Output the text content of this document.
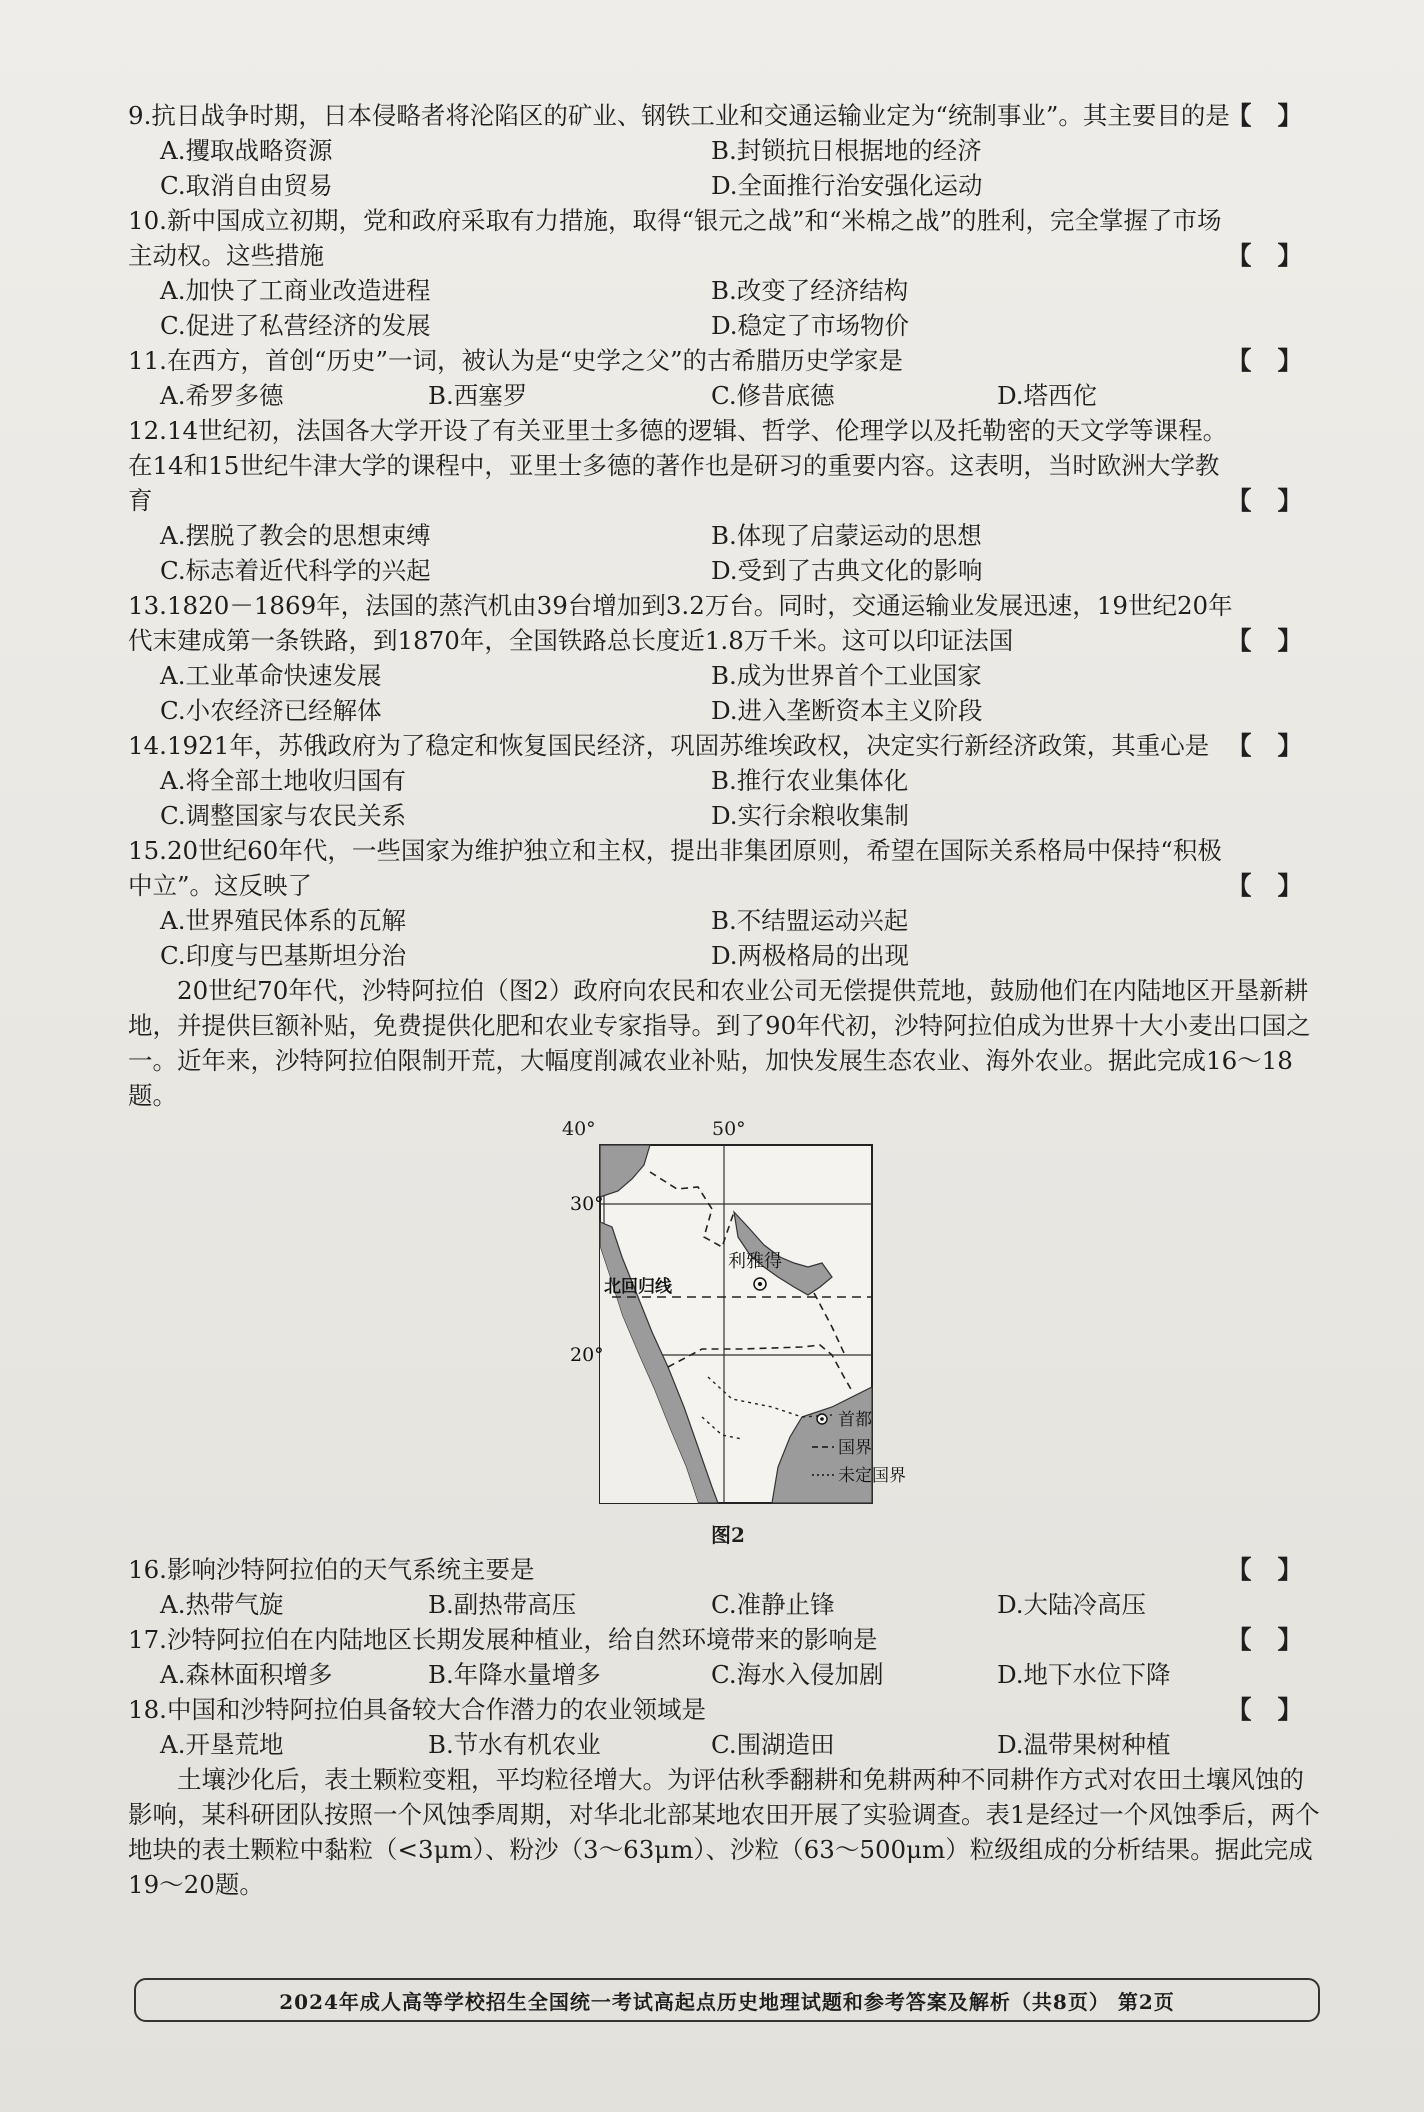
9.抗日战争时期，日本侵略者将沦陷区的矿业、钢铁工业和交通运输业定为“统制事业”。其主要目的是
【】
A.攫取战略资源	B.封锁抗日根据地的经济
C.取消自由贸易	D.全面推行治安强化运动
10.新中国成立初期，党和政府采取有力措施，取得“银元之战”和“米棉之战”的胜利，完全掌握了市场主动权。这些措施	【】
A.加快了工商业改造进程	B.改变了经济结构
C.促进了私营经济的发展	D.稳定了市场物价
11.在西方，首创“历史”一词，被认为是“史学之父”的古希腊历史学家是	【】
A.希罗多德	B.西塞罗	C.修昔底德	D.塔西佗
12.14世纪初，法国各大学开设了有关亚里士多德的逻辑、哲学、伦理学以及托勒密的天文学等课程。在14和15世纪牛津大学的课程中，亚里士多德的著作也是研习的重要内容。这表明，当时欧洲大学教育	【】
A.摆脱了教会的思想束缚	B.体现了启蒙运动的思想
C.标志着近代科学的兴起	D.受到了古典文化的影响
13.1820－1869年，法国的蒸汽机由39台增加到3.2万台。同时，交通运输业发展迅速，19世纪20年代末建成第一条铁路，到1870年，全国铁路总长度近1.8万千米。这可以印证法国	【】
A.工业革命快速发展	B.成为世界首个工业国家
C.小农经济已经解体	D.进入垄断资本主义阶段
14.1921年，苏俄政府为了稳定和恢复国民经济，巩固苏维埃政权，决定实行新经济政策，其重心是 【】
A.将全部土地收归国有	B.推行农业集体化
C.调整国家与农民关系	D.实行余粮收集制
15.20世纪60年代，一些国家为维护独立和主权，提出非集团原则，希望在国际关系格局中保持“积极中立”。这反映了	【】
A.世界殖民体系的瓦解	B.不结盟运动兴起
C.印度与巴基斯坦分治	D.两极格局的出现
20世纪70年代，沙特阿拉伯（图2）政府向农民和农业公司无偿提供荒地，鼓励他们在内陆地区开垦新耕地，并提供巨额补贴，免费提供化肥和农业专家指导。到了90年代初，沙特阿拉伯成为世界十大小麦出口国之一。近年来，沙特阿拉伯限制开荒，大幅度削减农业补贴，加快发展生态农业、海外农业。据此完成16～18题。
40°	50°
北回归线
30°
20°
利雅得
首都
国界
未定国界
图2
16.影响沙特阿拉伯的天气系统主要是	【】
A.热带气旋	B.副热带高压	C.准静止锋	D.大陆冷高压
17.沙特阿拉伯在内陆地区长期发展种植业，给自然环境带来的影响是	【】
A.森林面积增多	B.年降水量增多	C.海水入侵加剧	D.地下水位下降
18.中国和沙特阿拉伯具备较大合作潜力的农业领域是	【】
A.开垦荒地	B.节水有机农业	C.围湖造田	D.温带果树种植
土壤沙化后，表土颗粒变粗，平均粒径增大。为评估秋季翻耕和免耕两种不同耕作方式对农田土壤风蚀的影响，某科研团队按照一个风蚀季周期，对华北北部某地农田开展了实验调查。表1是经过一个风蚀季后，两个地块的表土颗粒中黏粒（<3μm）、粉沙（3～63μm）、沙粒（63～500μm）粒级组成的分析结果。据此完成19～20题。
2024年成人高等学校招生全国统一考试高起点历史地理试题和参考答案及解析（共8页） 第2页
